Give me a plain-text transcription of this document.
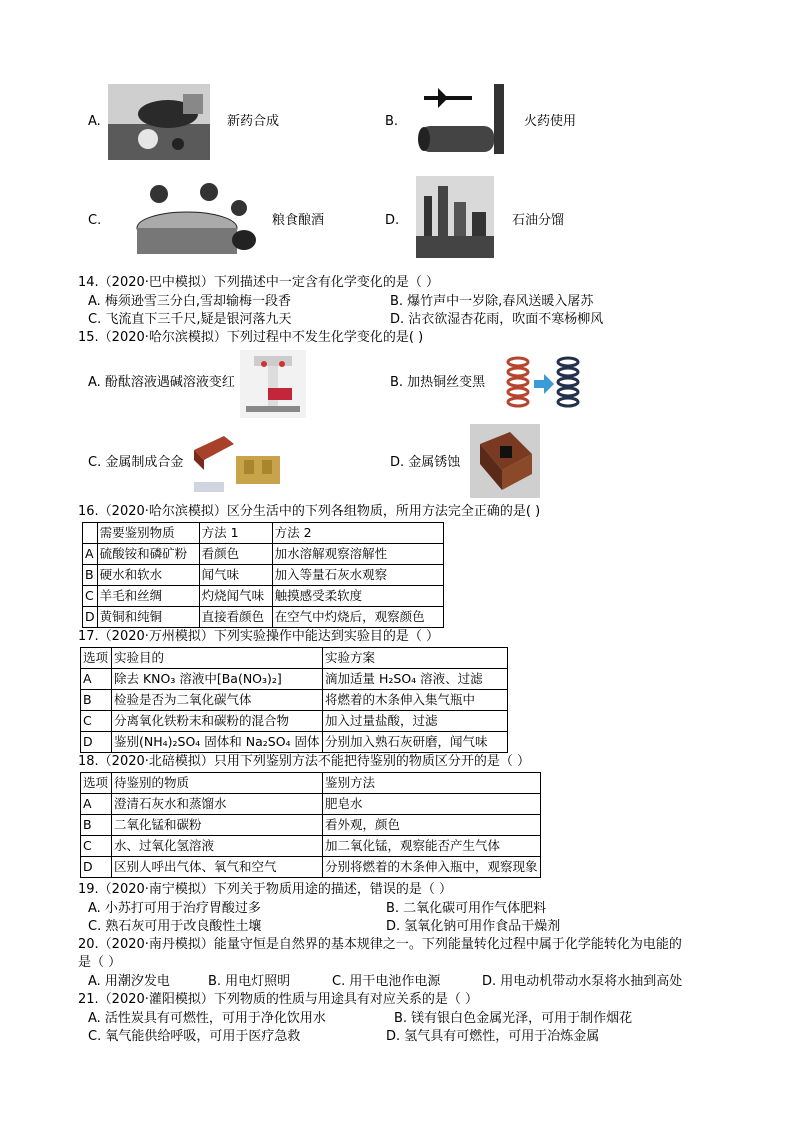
A.	新药合成	B.	火药使用
C.	粮食酿酒	D.	石油分馏
14.（2020·巴中模拟）下列描述中一定含有化学变化的是（ ）
A. 梅须逊雪三分白,雪却输梅一段香	B. 爆竹声中一岁除,春风送暖入屠苏
C. 飞流直下三千尺,疑是银河落九天	D. 沾衣欲湿杏花雨，吹面不寒杨柳风
15.（2020·哈尔滨模拟）下列过程中不发生化学变化的是( )
A. 酚酞溶液遇碱溶液变红	B. 加热铜丝变黑
C. 金属制成合金	D. 金属锈蚀
16.（2020·哈尔滨模拟）区分生活中的下列各组物质，所用方法完全正确的是( )
	需要鉴别物质	方法 1	方法 2
A	硫酸铵和磷矿粉	看颜色	加水溶解观察溶解性
B	硬水和软水	闻气味	加入等量石灰水观察
C	羊毛和丝绸	灼烧闻气味	触摸感受柔软度
D	黄铜和纯铜	直接看颜色	在空气中灼烧后，观察颜色
17.（2020·万州模拟）下列实验操作中能达到实验目的是（ ）
选项	实验目的	实验方案
A	除去 KNO₃ 溶液中[Ba(NO₃)₂]	滴加适量 H₂SO₄ 溶液、过滤
B	检验是否为二氧化碳气体	将燃着的木条伸入集气瓶中
C	分离氧化铁粉末和碳粉的混合物	加入过量盐酸，过滤
D	鉴别(NH₄)₂SO₄ 固体和 Na₂SO₄ 固体	分别加入熟石灰研磨，闻气味
18.（2020·北碚模拟）只用下列鉴别方法不能把待鉴别的物质区分开的是（ ）
选项	待鉴别的物质	鉴别方法
A	澄清石灰水和蒸馏水	肥皂水
B	二氧化锰和碳粉	看外观，颜色
C	水、过氧化氢溶液	加二氧化锰，观察能否产生气体
D	区别人呼出气体、氧气和空气	分别将燃着的木条伸入瓶中，观察现象
19.（2020·南宁模拟）下列关于物质用途的描述，错误的是（ ）
A. 小苏打可用于治疗胃酸过多	B. 二氧化碳可用作气体肥料
C. 熟石灰可用于改良酸性土壤	D. 氢氧化钠可用作食品干燥剂
20.（2020·南丹模拟）能量守恒是自然界的基本规律之一。下列能量转化过程中属于化学能转化为电能的
是（ ）
A. 用潮汐发电	B. 用电灯照明	C. 用干电池作电源	D. 用电动机带动水泵将水抽到高处
21.（2020·灌阳模拟）下列物质的性质与用途具有对应关系的是（ ）
A. 活性炭具有可燃性，可用于净化饮用水	B. 镁有银白色金属光泽，可用于制作烟花
C. 氧气能供给呼吸，可用于医疗急救	D. 氢气具有可燃性，可用于冶炼金属
